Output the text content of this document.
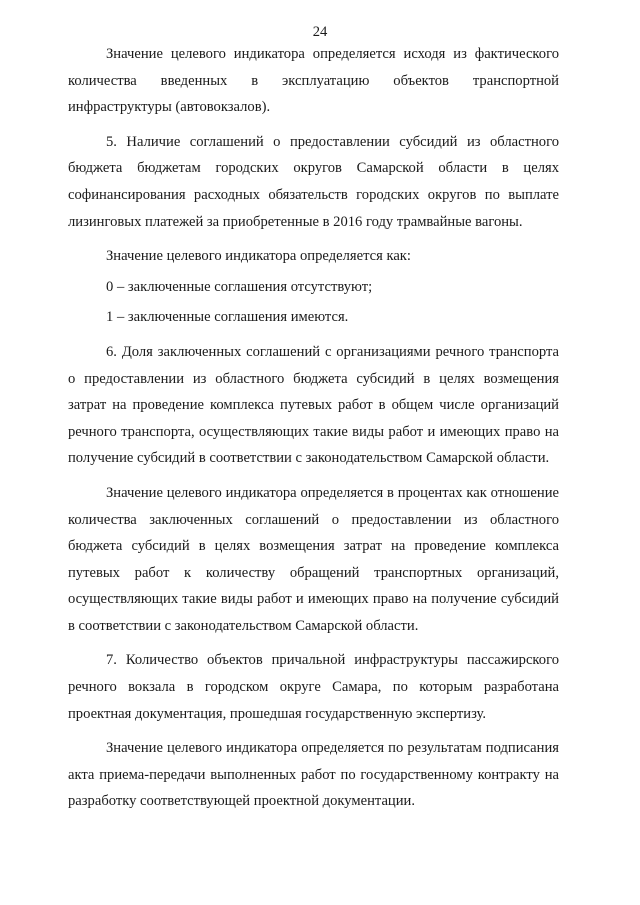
24

Значение целевого индикатора определяется исходя из фактического количества введенных в эксплуатацию объектов транспортной инфраструктуры (автовокзалов).

5. Наличие соглашений о предоставлении субсидий из областного бюджета бюджетам городских округов Самарской области в целях софинансирования расходных обязательств городских округов по выплате лизинговых платежей за приобретенные в 2016 году трамвайные вагоны.

Значение целевого индикатора определяется как:

0 – заключенные соглашения отсутствуют;

1 – заключенные соглашения имеются.

6. Доля заключенных соглашений с организациями речного транспорта о предоставлении из областного бюджета субсидий в целях возмещения затрат на проведение комплекса путевых работ в общем числе организаций речного транспорта, осуществляющих такие виды работ и имеющих право на получение субсидий в соответствии с законодательством Самарской области.

Значение целевого индикатора определяется в процентах как отношение количества заключенных соглашений о предоставлении из областного бюджета субсидий в целях возмещения затрат на проведение комплекса путевых работ к количеству обращений транспортных организаций, осуществляющих такие виды работ и имеющих право на получение субсидий в соответствии с законодательством Самарской области.

7. Количество объектов причальной инфраструктуры пассажирского речного вокзала в городском округе Самара, по которым разработана проектная документация, прошедшая государственную экспертизу.

Значение целевого индикатора определяется по результатам подписания акта приема-передачи выполненных работ по государственному контракту на разработку соответствующей проектной документации.
